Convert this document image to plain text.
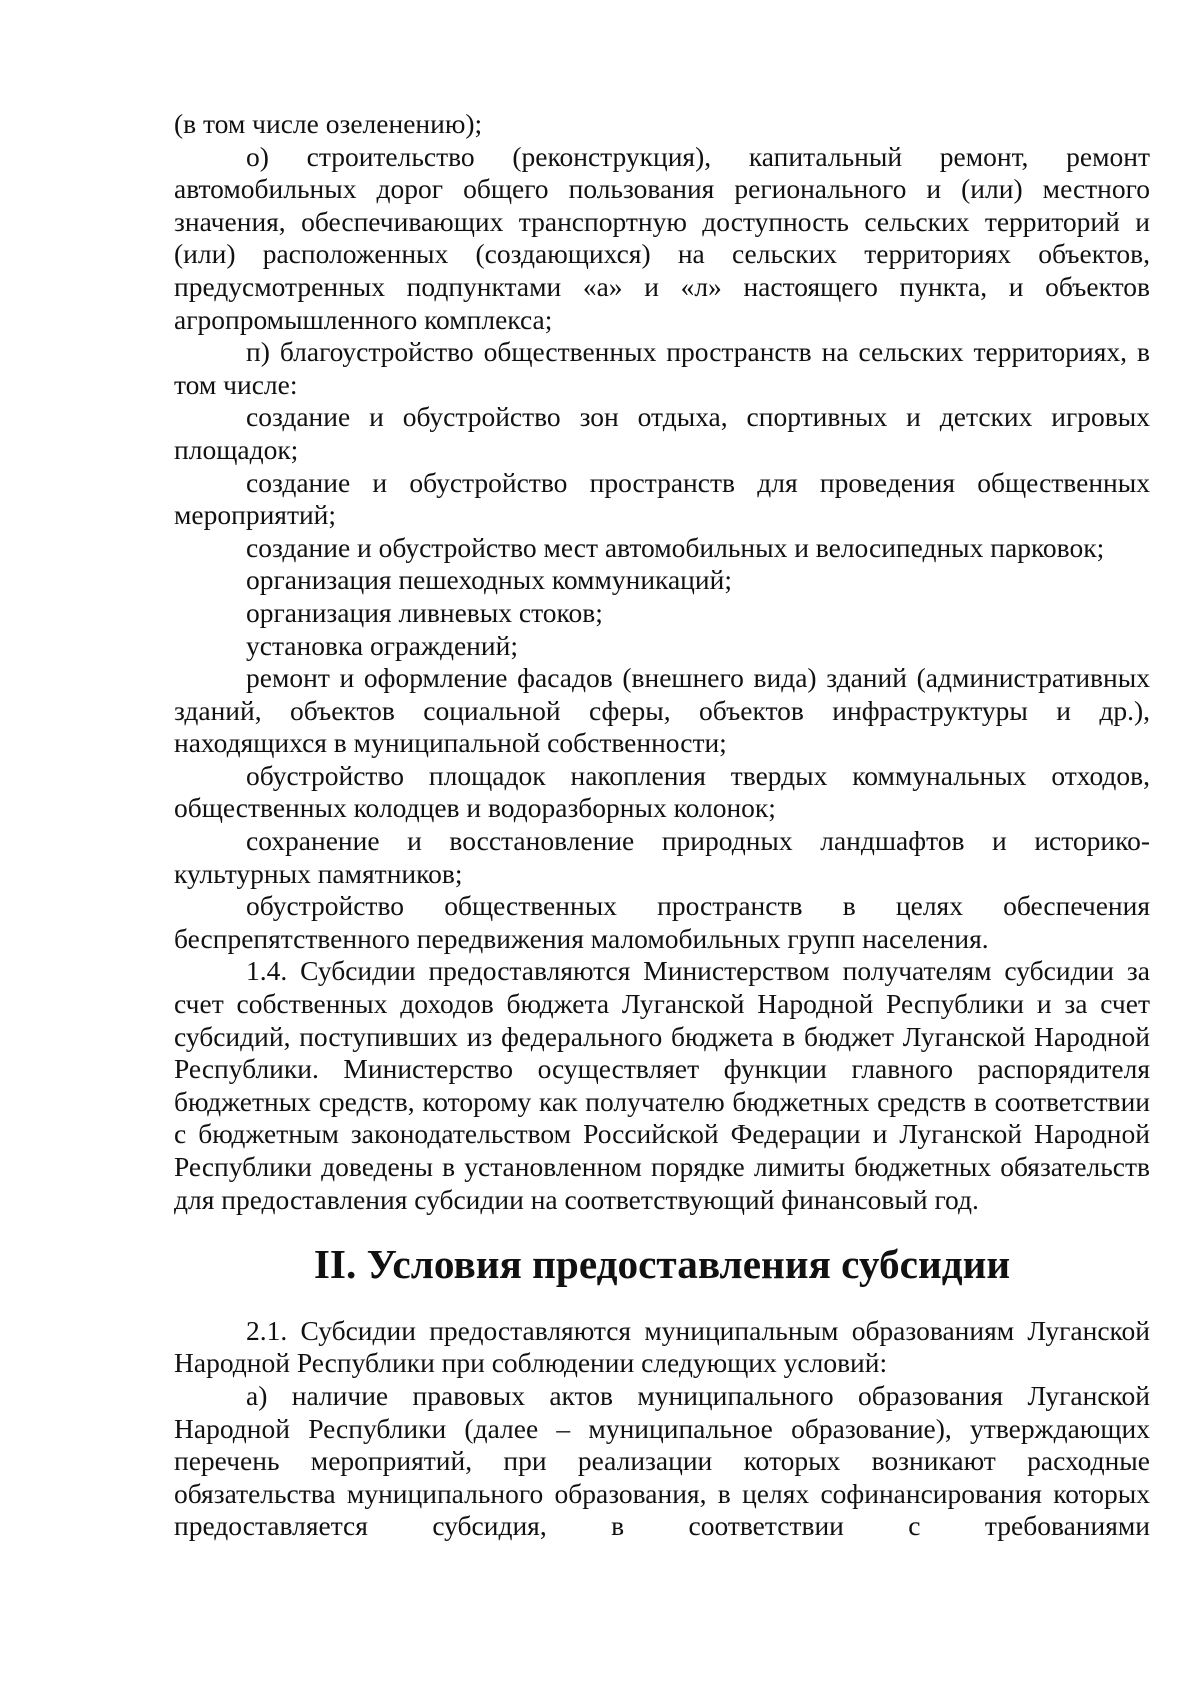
(в том числе озеленению);

о) строительство (реконструкция), капитальный ремонт, ремонт автомобильных дорог общего пользования регионального и (или) местного значения, обеспечивающих транспортную доступность сельских территорий и (или) расположенных (создающихся) на сельских территориях объектов, предусмотренных подпунктами «а» и «л» настоящего пункта, и объектов агропромышленного комплекса;

п) благоустройство общественных пространств на сельских территориях, в том числе:

создание и обустройство зон отдыха, спортивных и детских игровых площадок;

создание и обустройство пространств для проведения общественных мероприятий;

создание и обустройство мест автомобильных и велосипедных парковок;

организация пешеходных коммуникаций;

организация ливневых стоков;

установка ограждений;

ремонт и оформление фасадов (внешнего вида) зданий (административных зданий, объектов социальной сферы, объектов инфраструктуры и др.), находящихся в муниципальной собственности;

обустройство площадок накопления твердых коммунальных отходов, общественных колодцев и водоразборных колонок;

сохранение и восстановление природных ландшафтов и историко-культурных памятников;

обустройство общественных пространств в целях обеспечения беспрепятственного передвижения маломобильных групп населения.

1.4. Субсидии предоставляются Министерством получателям субсидии за счет собственных доходов бюджета Луганской Народной Республики и за счет субсидий, поступивших из федерального бюджета в бюджет Луганской Народной Республики. Министерство осуществляет функции главного распорядителя бюджетных средств, которому как получателю бюджетных средств в соответствии с бюджетным законодательством Российской Федерации и Луганской Народной Республики доведены в установленном порядке лимиты бюджетных обязательств для предоставления субсидии на соответствующий финансовый год.

II. Условия предоставления субсидии

2.1. Субсидии предоставляются муниципальным образованиям Луганской Народной Республики при соблюдении следующих условий:

а) наличие правовых актов муниципального образования Луганской Народной Республики (далее – муниципальное образование), утверждающих перечень мероприятий, при реализации которых возникают расходные обязательства муниципального образования, в целях софинансирования которых предоставляется субсидия, в соответствии с требованиями
